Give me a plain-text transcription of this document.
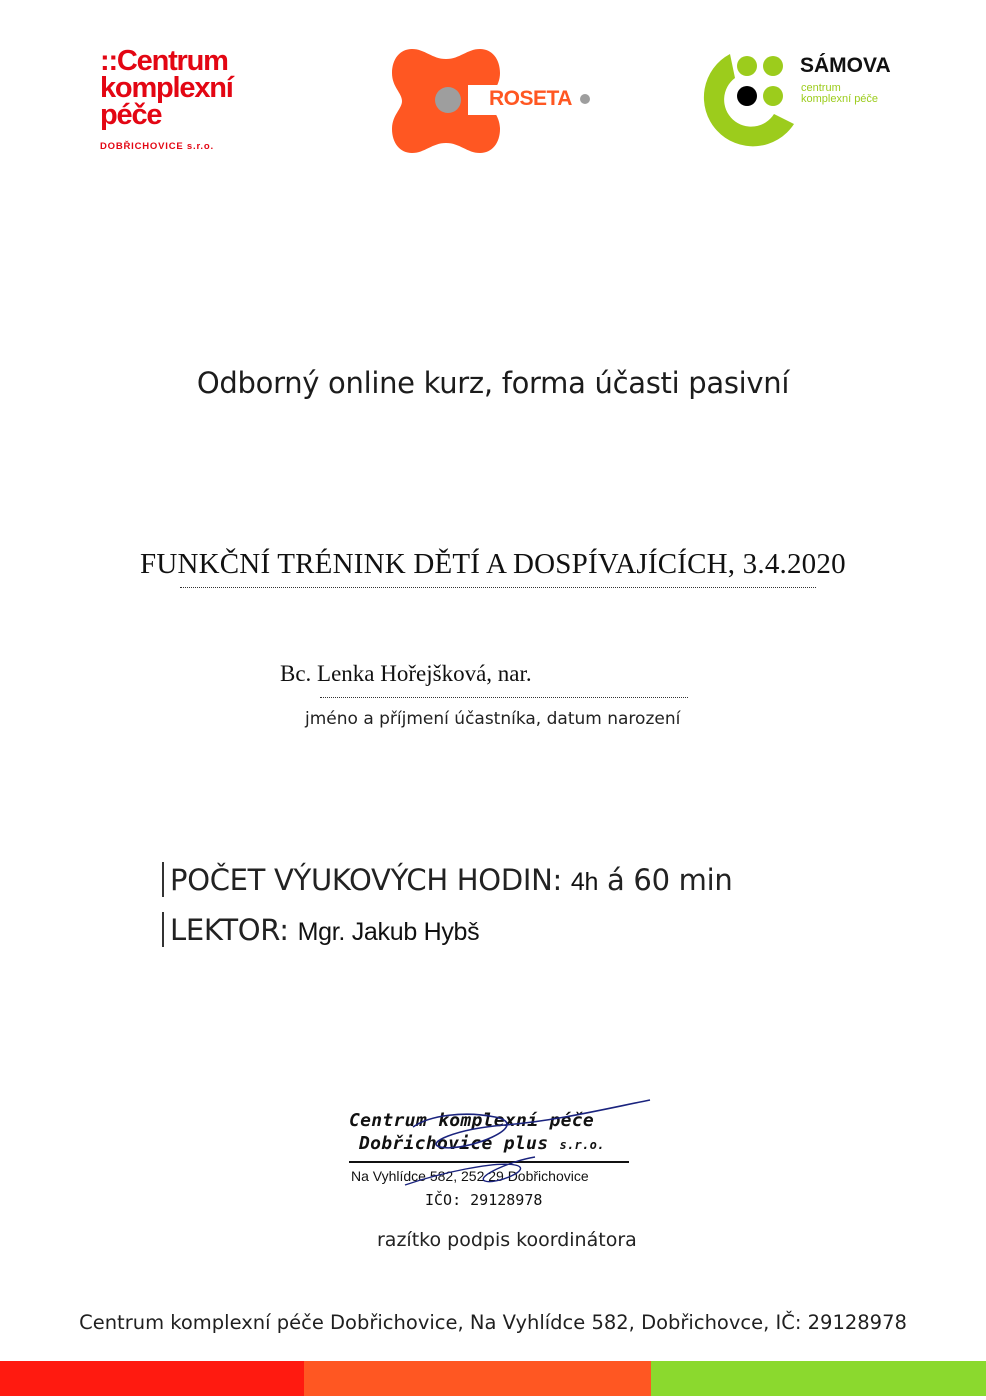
::Centrum
komplexní
péče
DOBŘICHOVICE s.r.o.
ROSETA
SÁMOVA
centrum
komplexní péče
Odborný online kurz, forma účasti pasivní
FUNKČNÍ TRÉNINK DĚTÍ A DOSPÍVAJÍCÍCH, 3.4.2020
Bc. Lenka Hořejšková, nar.
jméno a příjmení účastníka, datum narození
POČET VÝUKOVÝCH HODIN: 4h á 60 min
LEKTOR: Mgr. Jakub Hybš
Centrum komplexní péče
Dobřichovice plus s.r.o.
Na Vyhlídce 582, 252 29 Dobřichovice
IČO: 29128978
razítko podpis koordinátora
Centrum komplexní péče Dobřichovice, Na Vyhlídce 582, Dobřichovce, IČ: 29128978
